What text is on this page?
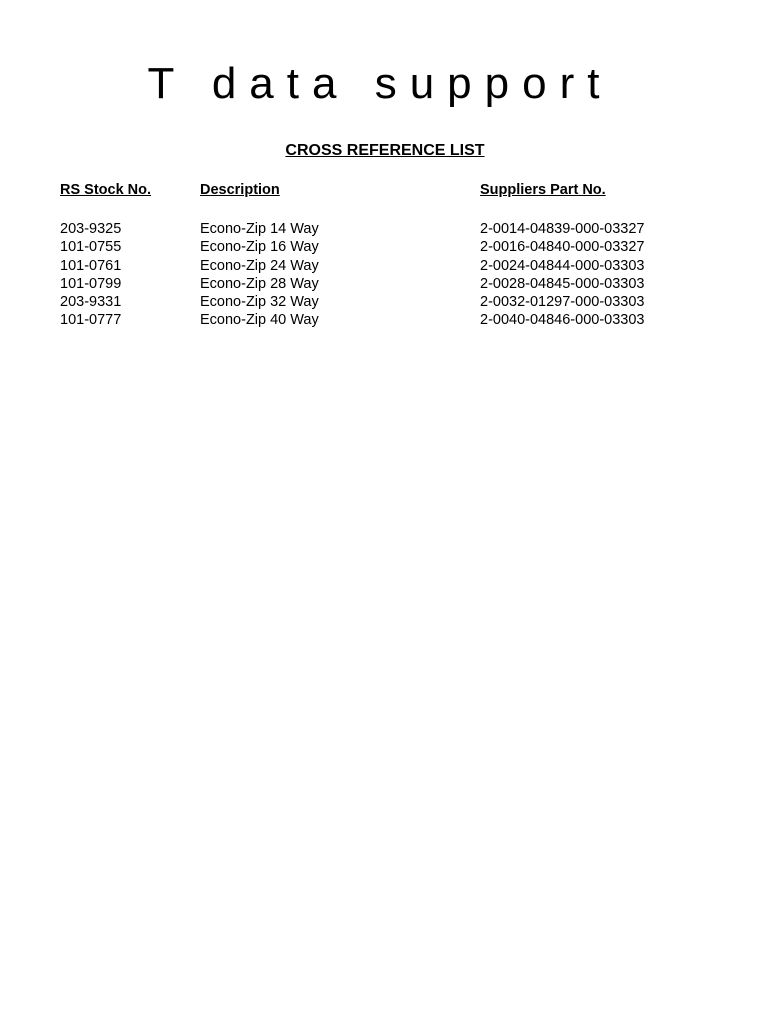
T data support
CROSS REFERENCE LIST
RS Stock No.	Description	Suppliers Part No.
203-9325	Econo-Zip 14 Way	2-0014-04839-000-03327
101-0755	Econo-Zip 16 Way	2-0016-04840-000-03327
101-0761	Econo-Zip 24 Way	2-0024-04844-000-03303
101-0799	Econo-Zip 28 Way	2-0028-04845-000-03303
203-9331	Econo-Zip 32 Way	2-0032-01297-000-03303
101-0777	Econo-Zip 40 Way	2-0040-04846-000-03303
